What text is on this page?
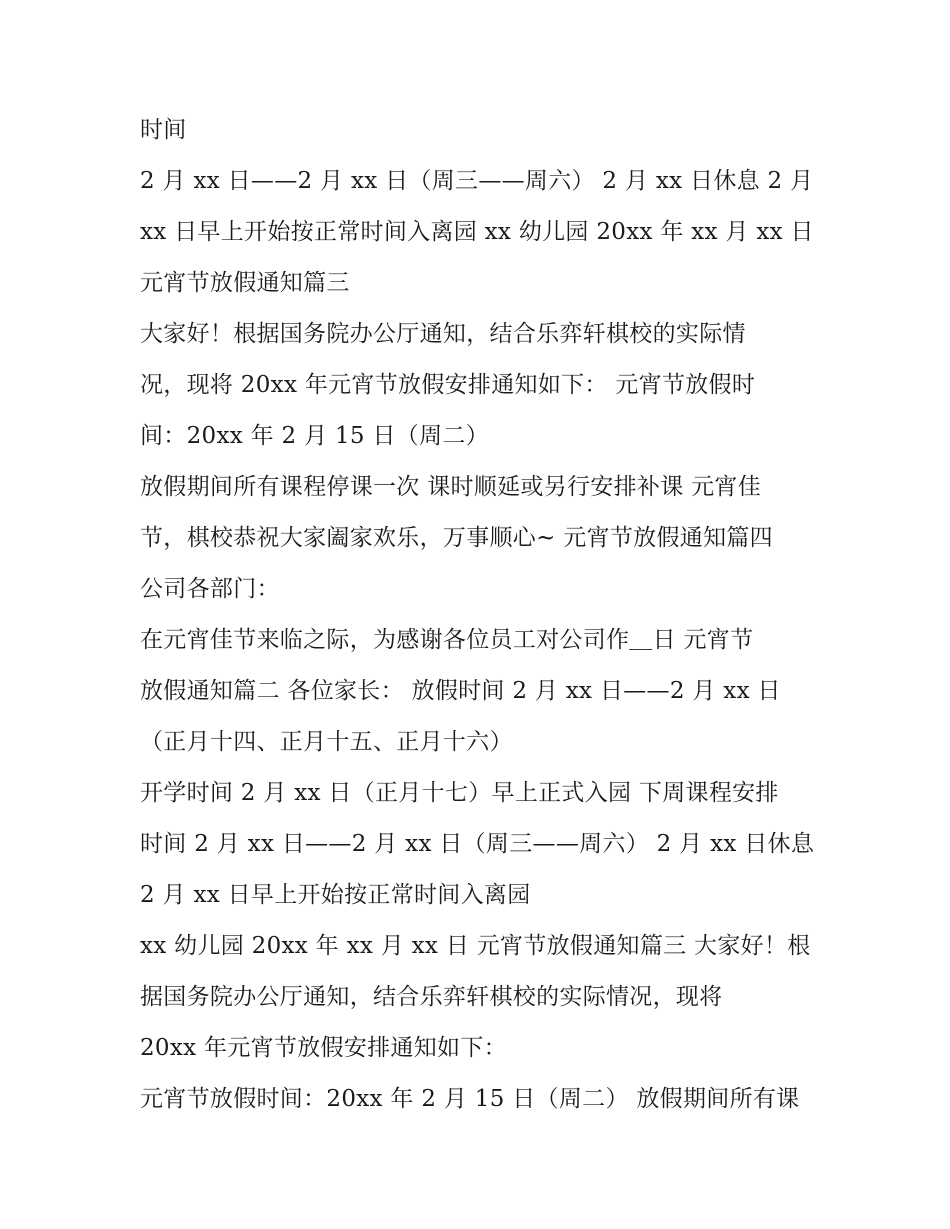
时间
2 月 xx 日——2 月 xx 日（周三——周六） 2 月 xx 日休息 2 月
xx 日早上开始按正常时间入离园 xx 幼儿园 20xx 年 xx 月 xx 日
元宵节放假通知篇三
大家好！根据国务院办公厅通知，结合乐弈轩棋校的实际情
况，现将 20xx 年元宵节放假安排通知如下： 元宵节放假时
间：20xx 年 2 月 15 日（周二）
放假期间所有课程停课一次 课时顺延或另行安排补课 元宵佳
节，棋校恭祝大家阖家欢乐，万事顺心~ 元宵节放假通知篇四
公司各部门：
在元宵佳节来临之际，为感谢各位员工对公司作＿日 元宵节
放假通知篇二 各位家长： 放假时间 2 月 xx 日——2 月 xx 日
（正月十四、正月十五、正月十六）
开学时间 2 月 xx 日（正月十七）早上正式入园 下周课程安排
时间 2 月 xx 日——2 月 xx 日（周三——周六） 2 月 xx 日休息
2 月 xx 日早上开始按正常时间入离园
xx 幼儿园 20xx 年 xx 月 xx 日 元宵节放假通知篇三 大家好！根
据国务院办公厅通知，结合乐弈轩棋校的实际情况，现将
20xx 年元宵节放假安排通知如下：
元宵节放假时间：20xx 年 2 月 15 日（周二） 放假期间所有课
